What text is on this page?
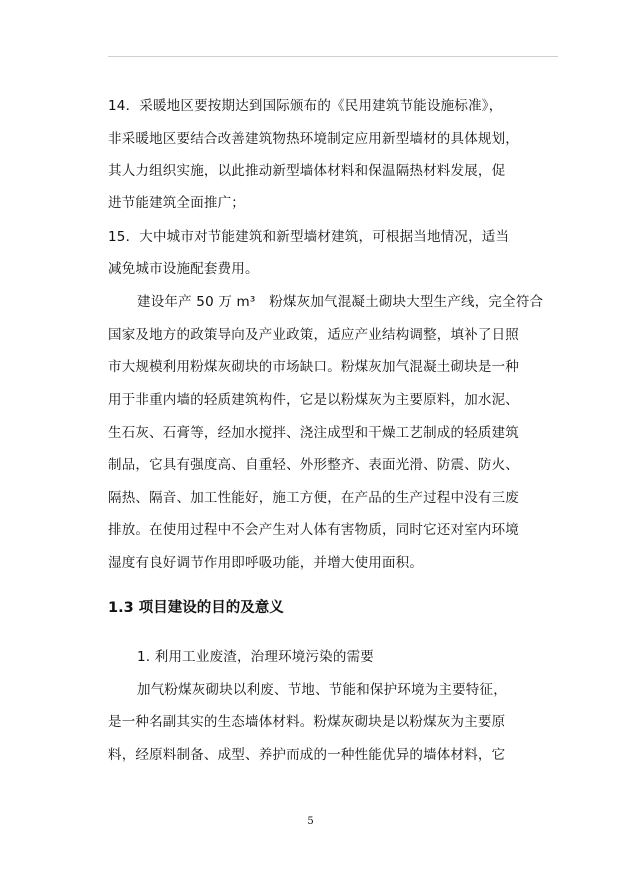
14．采暖地区要按期达到国际颁布的《民用建筑节能设施标准》，
非采暖地区要结合改善建筑物热环境制定应用新型墙材的具体规划，
其人力组织实施，以此推动新型墙体材料和保温隔热材料发展，促
进节能建筑全面推广；
15．大中城市对节能建筑和新型墙材建筑，可根据当地情况，适当
减免城市设施配套费用。
建设年产 50 万 m³　粉煤灰加气混凝土砌块大型生产线，完全符合
国家及地方的政策导向及产业政策，适应产业结构调整，填补了日照
市大规模利用粉煤灰砌块的市场缺口。粉煤灰加气混凝土砌块是一种
用于非重内墙的轻质建筑构件，它是以粉煤灰为主要原料，加水泥、
生石灰、石膏等，经加水搅拌、浇注成型和干燥工艺制成的轻质建筑
制品，它具有强度高、自重轻、外形整齐、表面光滑、防震、防火、
隔热、隔音、加工性能好，施工方便，在产品的生产过程中没有三废
排放。在使用过程中不会产生对人体有害物质，同时它还对室内环境
湿度有良好调节作用即呼吸功能，并增大使用面积。
1.3 项目建设的目的及意义
1. 利用工业废渣，治理环境污染的需要
加气粉煤灰砌块以利废、节地、节能和保护环境为主要特征，
是一种名副其实的生态墙体材料。粉煤灰砌块是以粉煤灰为主要原
料，经原料制备、成型、养护而成的一种性能优异的墙体材料，它
5
